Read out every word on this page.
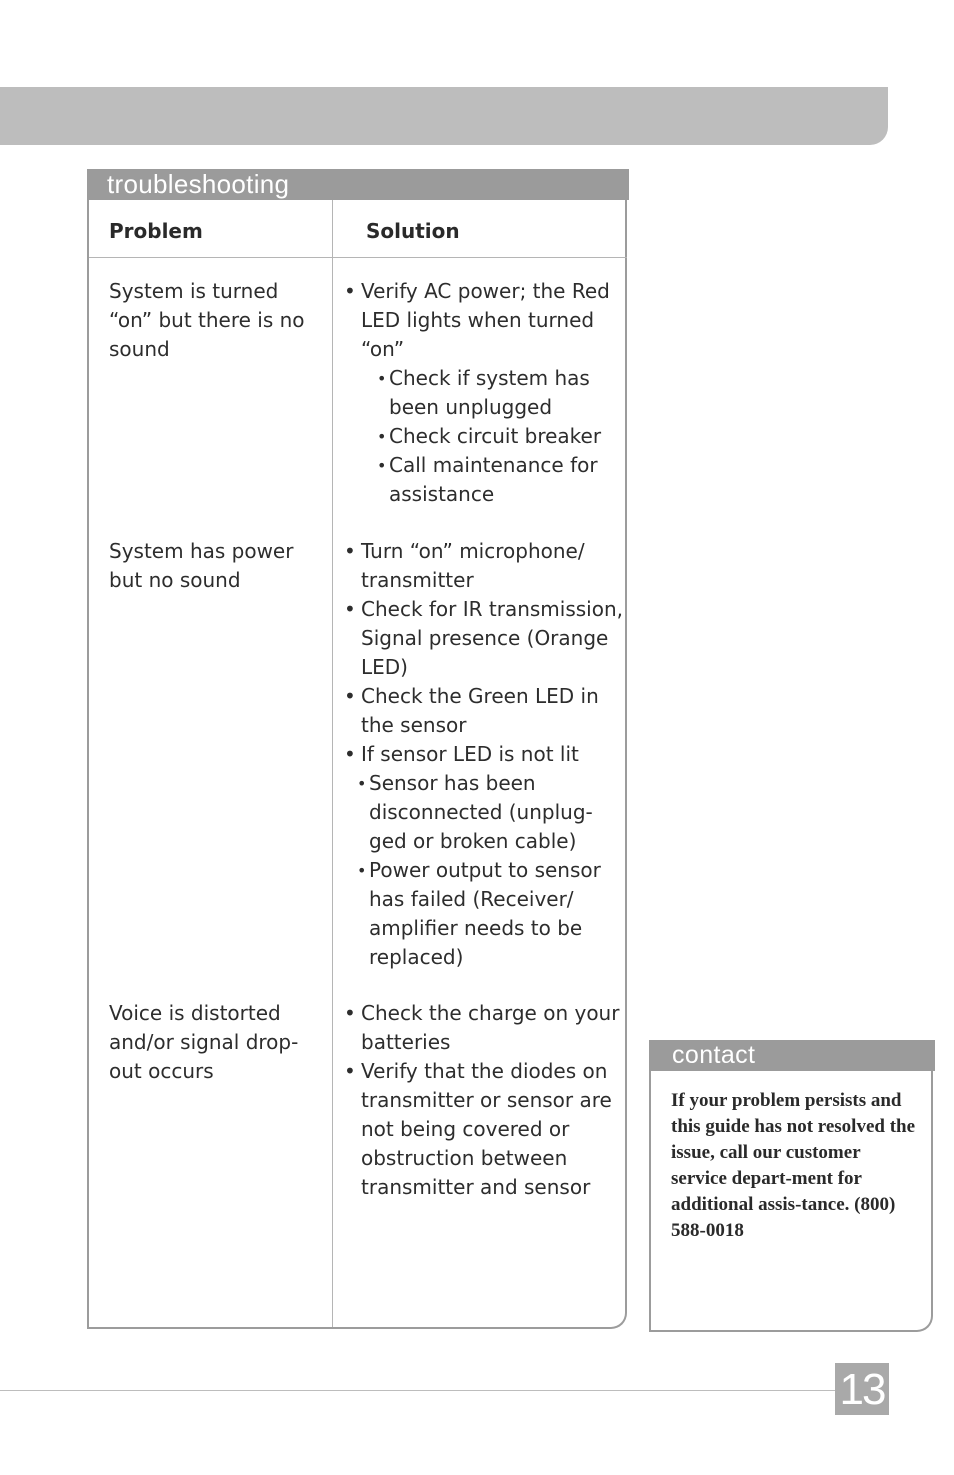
troubleshooting
Problem	Solution
System is turned “on” but there is no sound
• Verify AC power; the Red LED lights when turned “on”
• Check if system has been unplugged
• Check circuit breaker
• Call maintenance for assistance
System has power but no sound
• Turn “on” microphone/ transmitter
• Check for IR transmission, Signal presence (Orange LED)
• Check the Green LED in the sensor
• If sensor LED is not lit
• Sensor has been disconnected (unplug-ged or broken cable)
• Power output to sensor has failed (Receiver/ amplifier needs to be replaced)
Voice is distorted and/or signal drop-out occurs
• Check the charge on your batteries
• Verify that the diodes on transmitter or sensor are not being covered or obstruction between transmitter and sensor
contact
If your problem persists and this guide has not resolved the issue, call our customer service depart-ment for additional assis-tance. (800) 588-0018
13
